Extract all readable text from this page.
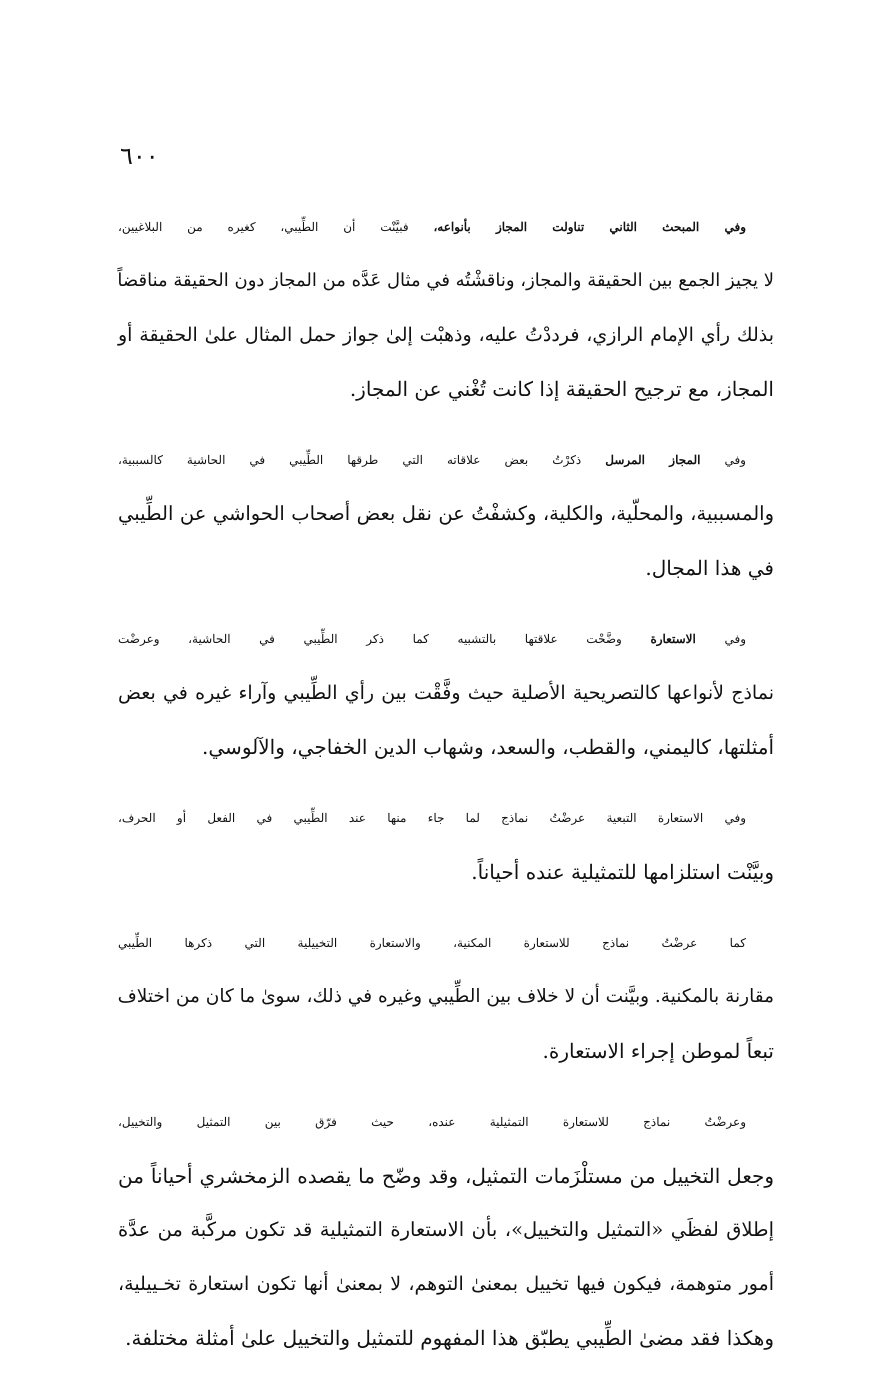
٦٠٠
وفي المبحث الثاني تناولت المجاز بأنواعه، فبيَّنْت أن الطِّيبي، كغيره من البلاغيين،
لا يجيز الجمع بين الحقيقة والمجاز، وناقشْتُه في مثال عَدَّه من المجاز دون الحقيقة مناقضاً
بذلك رأي الإمام الرازي، فرددْتُ عليه، وذهبْت إلىٰ جواز حمل المثال علىٰ الحقيقة أو
المجاز، مع ترجيح الحقيقة إذا كانت تُغْني عن المجاز.
وفي المجاز المرسل ذكرْتُ بعض علاقاته التي طرقها الطِّيبي في الحاشية كالسببية،
والمسببية، والمحلّية، والكلية، وكشفْتُ عن نقل بعض أصحاب الحواشي عن الطِّيبي
في هذا المجال.
وفي الاستعارة وضَّحْت علاقتها بالتشبيه كما ذكر الطِّيبي في الحاشية، وعرضْت
نماذج لأنواعها كالتصريحية الأصلية حيث وفَّقْت بين رأي الطِّيبي وآراء غيره في بعض
أمثلتها، كاليمني، والقطب، والسعد، وشهاب الدين الخفاجي، والآلوسي.
وفي الاستعارة التبعية عرضْتُ نماذج لما جاء منها عند الطِّيبي في الفعل أو الحرف،
وبيَّنْت استلزامها للتمثيلية عنده أحياناً.
كما عرضْتُ نماذج للاستعارة المكنية، والاستعارة التخييلية التي ذكرها الطِّيبي
مقارنة بالمكنية. وبيَّنت أن لا خلاف بين الطِّيبي وغيره في ذلك، سوىٰ ما كان من اختلاف
تبعاً لموطن إجراء الاستعارة.
وعرضْتُ نماذج للاستعارة التمثيلية عنده، حيث فرّق بين التمثيل والتخييل،
وجعل التخييل من مستلْزَمات التمثيل، وقد وضّح ما يقصده الزمخشري أحياناً من
إطلاق لفظَي «التمثيل والتخييل»، بأن الاستعارة التمثيلية قد تكون مركَّبة من عدَّة
أمور متوهمة، فيكون فيها تخييل بمعنىٰ التوهم، لا بمعنىٰ أنها تكون استعارة تخـييلية،
وهكذا فقد مضىٰ الطِّيبي يطبّق هذا المفهوم للتمثيل والتخييل علىٰ أمثلة مختلفة.
